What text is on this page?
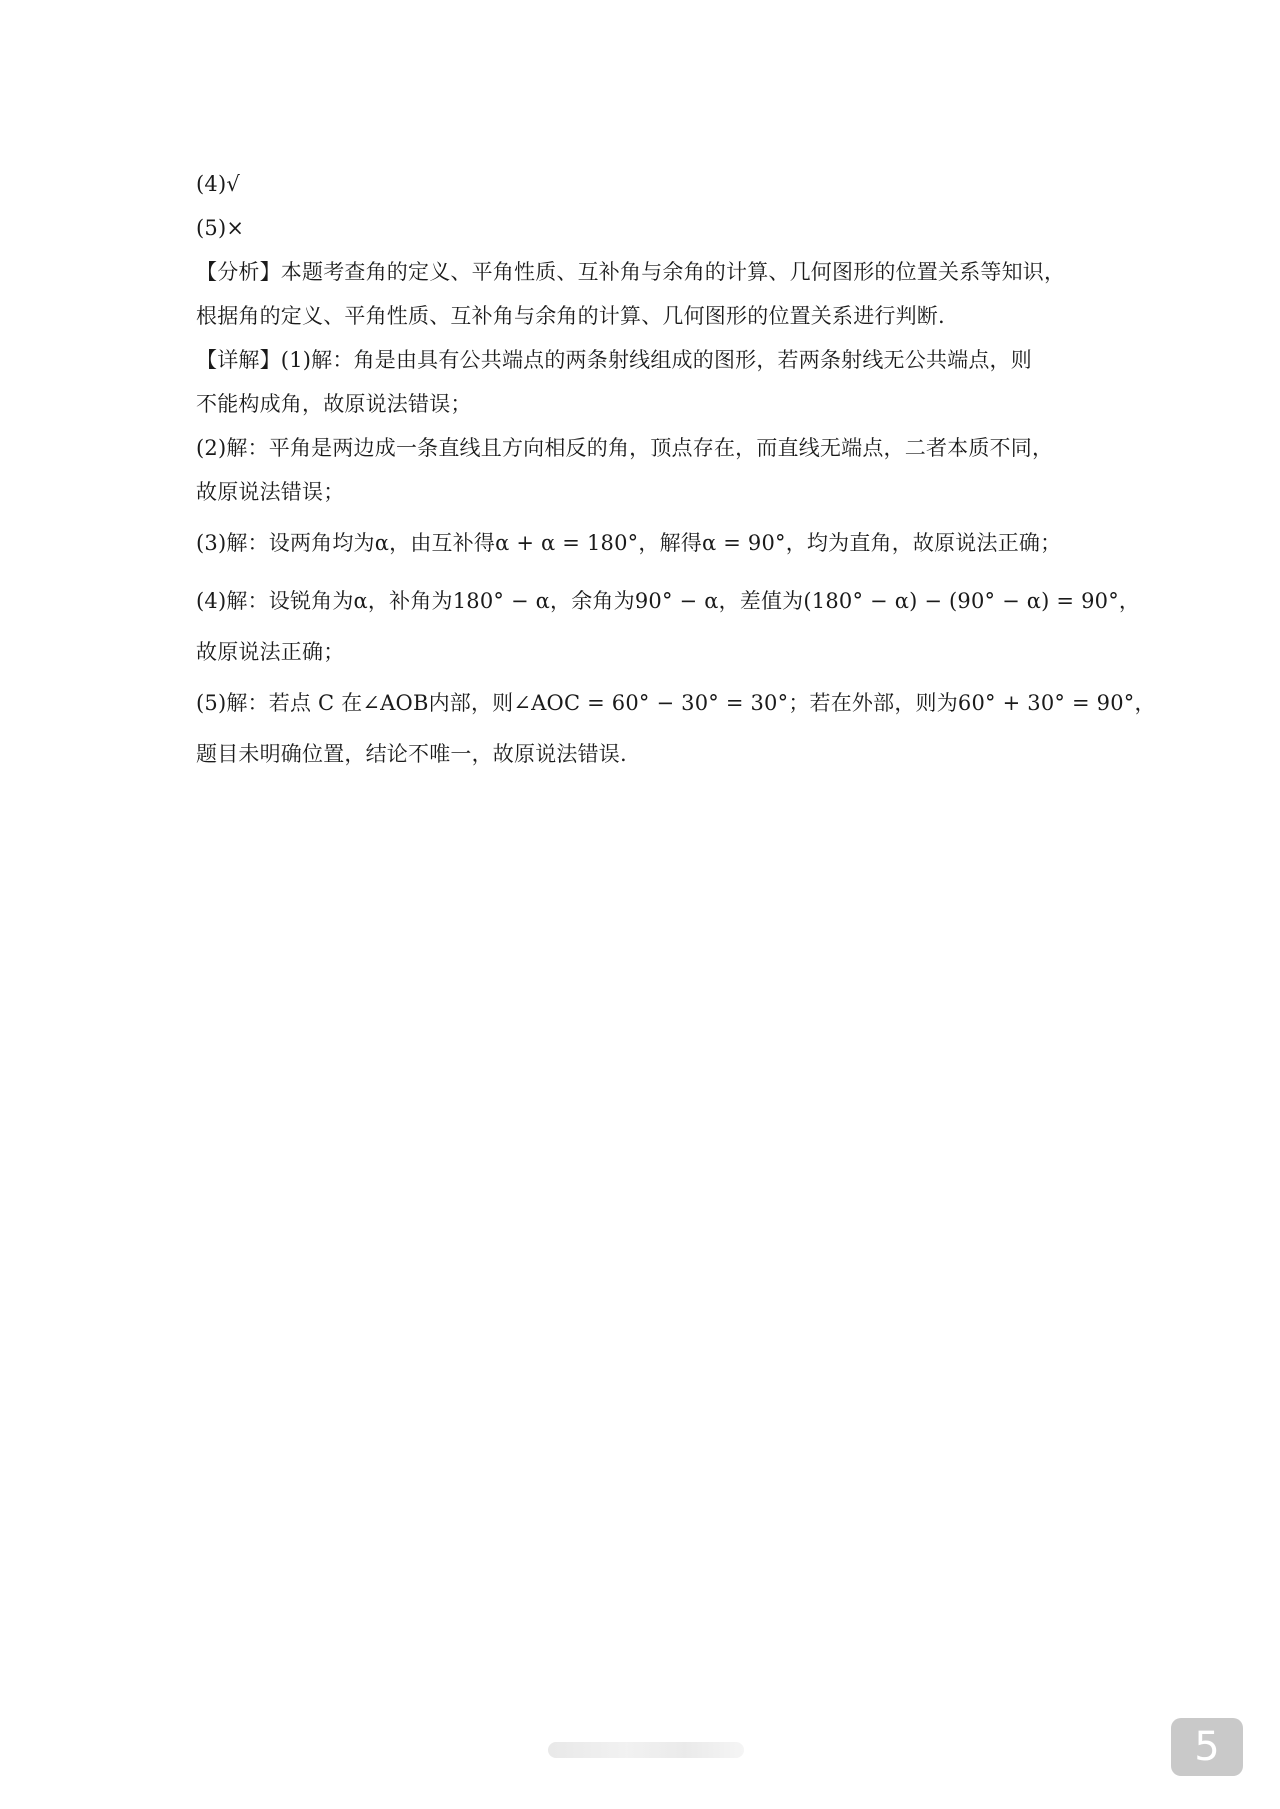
(4)√
(5)×
【分析】本题考查角的定义、平角性质、互补角与余角的计算、几何图形的位置关系等知识，
根据角的定义、平角性质、互补角与余角的计算、几何图形的位置关系进行判断.
【详解】(1)解：角是由具有公共端点的两条射线组成的图形，若两条射线无公共端点，则
不能构成角，故原说法错误；
(2)解：平角是两边成一条直线且方向相反的角，顶点存在，而直线无端点，二者本质不同，
故原说法错误；
(3)解：设两角均为α，由互补得α + α = 180°，解得α = 90°，均为直角，故原说法正确；
(4)解：设锐角为α，补角为180° − α，余角为90° − α，差值为(180° − α) − (90° − α) = 90°，
故原说法正确；
(5)解：若点 C 在∠AOB内部，则∠AOC = 60° − 30° = 30°；若在外部，则为60° + 30° = 90°，
题目未明确位置，结论不唯一，故原说法错误.
5
